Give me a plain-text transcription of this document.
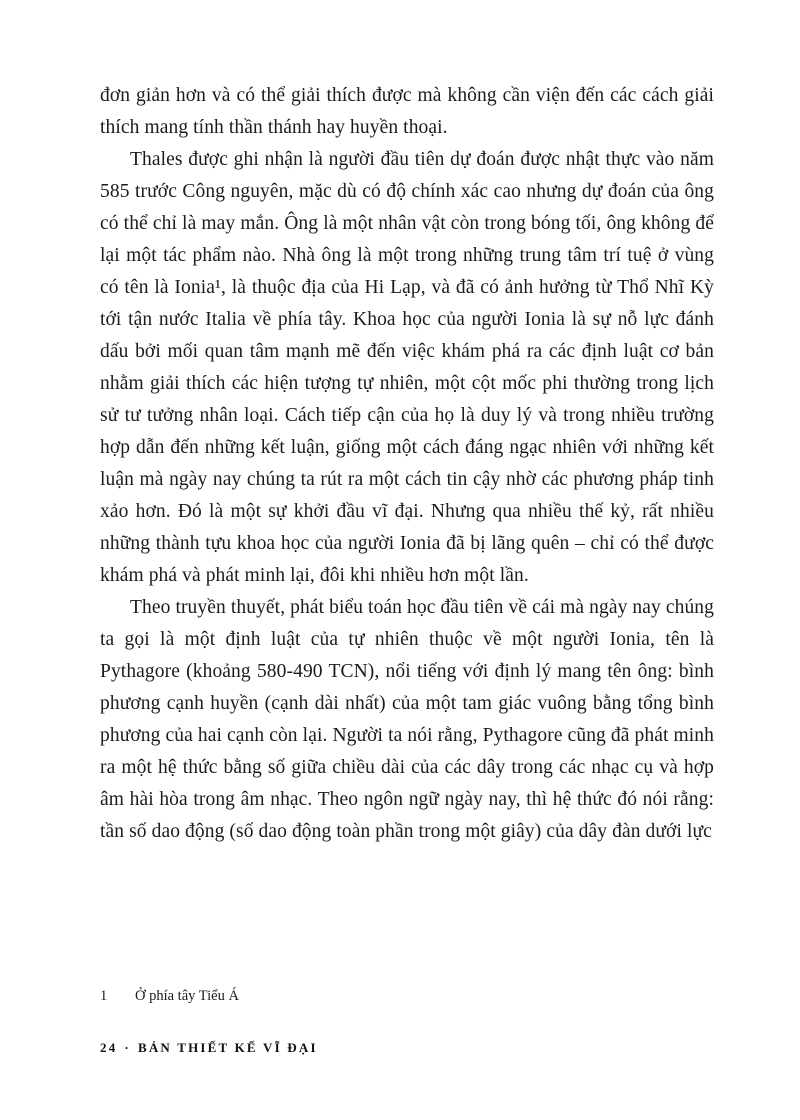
đơn giản hơn và có thể giải thích được mà không cần viện đến các cách giải thích mang tính thần thánh hay huyền thoại.

Thales được ghi nhận là người đầu tiên dự đoán được nhật thực vào năm 585 trước Công nguyên, mặc dù có độ chính xác cao nhưng dự đoán của ông có thể chỉ là may mắn. Ông là một nhân vật còn trong bóng tối, ông không để lại một tác phẩm nào. Nhà ông là một trong những trung tâm trí tuệ ở vùng có tên là Ionia¹, là thuộc địa của Hi Lạp, và đã có ảnh hưởng từ Thổ Nhĩ Kỳ tới tận nước Italia về phía tây. Khoa học của người Ionia là sự nỗ lực đánh dấu bởi mối quan tâm mạnh mẽ đến việc khám phá ra các định luật cơ bản nhằm giải thích các hiện tượng tự nhiên, một cột mốc phi thường trong lịch sử tư tưởng nhân loại. Cách tiếp cận của họ là duy lý và trong nhiều trường hợp dẫn đến những kết luận, giống một cách đáng ngạc nhiên với những kết luận mà ngày nay chúng ta rút ra một cách tin cậy nhờ các phương pháp tinh xảo hơn. Đó là một sự khởi đầu vĩ đại. Nhưng qua nhiều thế kỷ, rất nhiều những thành tựu khoa học của người Ionia đã bị lãng quên – chỉ có thể được khám phá và phát minh lại, đôi khi nhiều hơn một lần.

Theo truyền thuyết, phát biểu toán học đầu tiên về cái mà ngày nay chúng ta gọi là một định luật của tự nhiên thuộc về một người Ionia, tên là Pythagore (khoảng 580-490 TCN), nổi tiếng với định lý mang tên ông: bình phương cạnh huyền (cạnh dài nhất) của một tam giác vuông bằng tổng bình phương của hai cạnh còn lại. Người ta nói rằng, Pythagore cũng đã phát minh ra một hệ thức bằng số giữa chiều dài của các dây trong các nhạc cụ và hợp âm hài hòa trong âm nhạc. Theo ngôn ngữ ngày nay, thì hệ thức đó nói rằng: tần số dao động (số dao động toàn phần trong một giây) của dây đàn dưới lực

1 Ở phía tây Tiểu Á
24 · BẢN THIẾT KẾ VĨ ĐẠI
